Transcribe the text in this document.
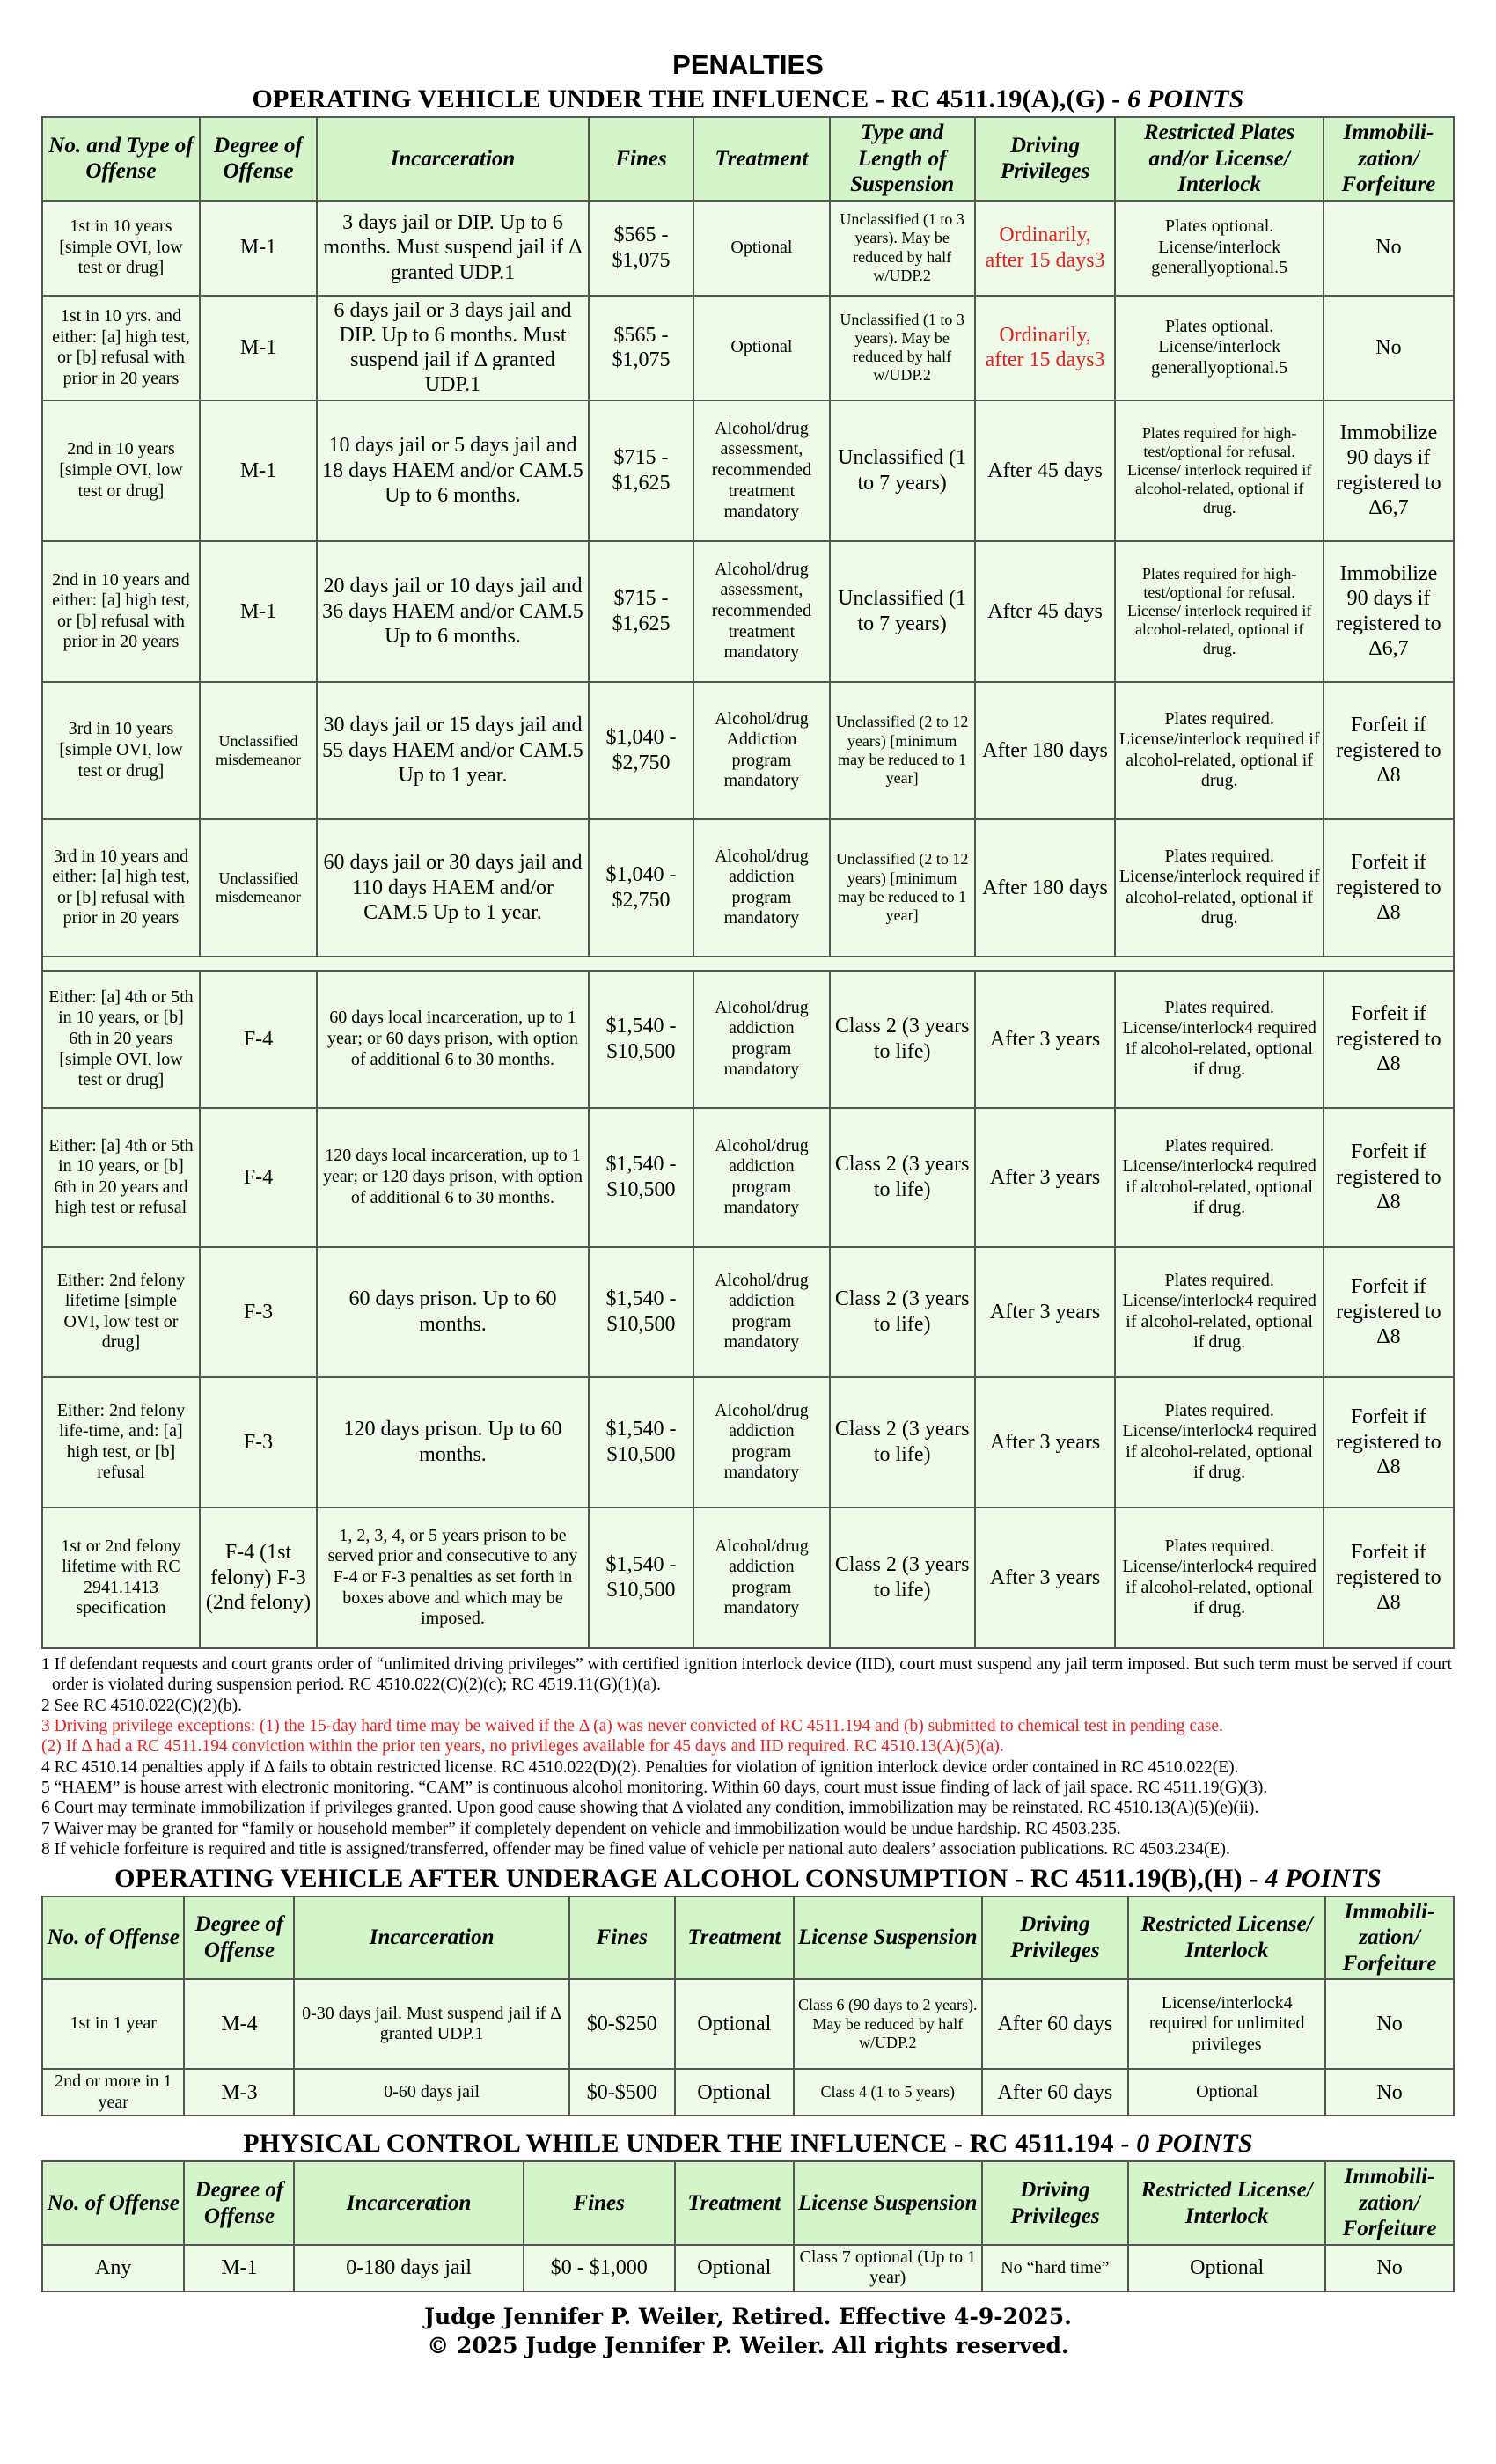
PENALTIES
OPERATING VEHICLE UNDER THE INFLUENCE - RC 4511.19(A),(G) - 6 POINTS
No. and Type of Offense	Degree of Offense	Incarceration	Fines	Treatment	Type and Length of Suspension	Driving Privileges	Restricted Plates and/or License/ Interlock	Immobili-zation/ Forfeiture
1st in 10 years [simple OVI, low test or drug]	M-1	3 days jail or DIP. Up to 6 months. Must suspend jail if Δ granted UDP.1	$565 - $1,075	Optional	Unclassified (1 to 3 years). May be reduced by half w/UDP.2	Ordinarily, after 15 days3	Plates optional. License/interlock generallyoptional.5	No
1st in 10 yrs. and either: [a] high test, or [b] refusal with prior in 20 years	M-1	6 days jail or 3 days jail and DIP. Up to 6 months. Must suspend jail if Δ granted UDP.1	$565 - $1,075	Optional	Unclassified (1 to 3 years). May be reduced by half w/UDP.2	Ordinarily, after 15 days3	Plates optional. License/interlock generallyoptional.5	No
2nd in 10 years [simple OVI, low test or drug]	M-1	10 days jail or 5 days jail and 18 days HAEM and/or CAM.5 Up to 6 months.	$715 - $1,625	Alcohol/drug assessment, recommended treatment mandatory	Unclassified (1 to 7 years)	After 45 days	Plates required for high-test/optional for refusal. License/ interlock required if alcohol-related, optional if drug.	Immobilize 90 days if registered to Δ6,7
2nd in 10 years and either: [a] high test, or [b] refusal with prior in 20 years	M-1	20 days jail or 10 days jail and 36 days HAEM and/or CAM.5 Up to 6 months.	$715 - $1,625	Alcohol/drug assessment, recommended treatment mandatory	Unclassified (1 to 7 years)	After 45 days	Plates required for high-test/optional for refusal. License/ interlock required if alcohol-related, optional if drug.	Immobilize 90 days if registered to Δ6,7
3rd in 10 years [simple OVI, low test or drug]	Unclassified misdemeanor	30 days jail or 15 days jail and 55 days HAEM and/or CAM.5 Up to 1 year.	$1,040 - $2,750	Alcohol/drug Addiction program mandatory	Unclassified (2 to 12 years) [minimum may be reduced to 1 year]	After 180 days	Plates required. License/interlock required if alcohol-related, optional if drug.	Forfeit if registered to Δ8
3rd in 10 years and either: [a] high test, or [b] refusal with prior in 20 years	Unclassified misdemeanor	60 days jail or 30 days jail and 110 days HAEM and/or CAM.5 Up to 1 year.	$1,040 - $2,750	Alcohol/drug addiction program mandatory	Unclassified (2 to 12 years) [minimum may be reduced to 1 year]	After 180 days	Plates required. License/interlock required if alcohol-related, optional if drug.	Forfeit if registered to Δ8

Either: [a] 4th or 5th in 10 years, or [b] 6th in 20 years [simple OVI, low test or drug]	F-4	60 days local incarceration, up to 1 year; or 60 days prison, with option of additional 6 to 30 months.	$1,540 - $10,500	Alcohol/drug addiction program mandatory	Class 2 (3 years to life)	After 3 years	Plates required. License/interlock4 required if alcohol-related, optional if drug.	Forfeit if registered to Δ8
Either: [a] 4th or 5th in 10 years, or [b] 6th in 20 years and high test or refusal	F-4	120 days local incarceration, up to 1 year; or 120 days prison, with option of additional 6 to 30 months.	$1,540 - $10,500	Alcohol/drug addiction program mandatory	Class 2 (3 years to life)	After 3 years	Plates required. License/interlock4 required if alcohol-related, optional if drug.	Forfeit if registered to Δ8
Either: 2nd felony lifetime [simple OVI, low test or drug]	F-3	60 days prison. Up to 60 months.	$1,540 - $10,500	Alcohol/drug addiction program mandatory	Class 2 (3 years to life)	After 3 years	Plates required. License/interlock4 required if alcohol-related, optional if drug.	Forfeit if registered to Δ8
Either: 2nd felony life-time, and: [a] high test, or [b] refusal	F-3	120 days prison. Up to 60 months.	$1,540 - $10,500	Alcohol/drug addiction program mandatory	Class 2 (3 years to life)	After 3 years	Plates required. License/interlock4 required if alcohol-related, optional if drug.	Forfeit if registered to Δ8
1st or 2nd felony lifetime with RC 2941.1413 specification	F-4 (1st felony) F-3 (2nd felony)	1, 2, 3, 4, or 5 years prison to be served prior and consecutive to any F-4 or F-3 penalties as set forth in boxes above and which may be imposed.	$1,540 - $10,500	Alcohol/drug addiction program mandatory	Class 2 (3 years to life)	After 3 years	Plates required. License/interlock4 required if alcohol-related, optional if drug.	Forfeit if registered to Δ8
1 If defendant requests and court grants order of “unlimited driving privileges” with certified ignition interlock device (IID), court must suspend any jail term imposed. But such term must be served if court order is violated during suspension period. RC 4510.022(C)(2)(c); RC 4519.11(G)(1)(a).
2 See RC 4510.022(C)(2)(b).
3 Driving privilege exceptions: (1) the 15-day hard time may be waived if the Δ (a) was never convicted of RC 4511.194 and (b) submitted to chemical test in pending case.
(2) If Δ had a RC 4511.194 conviction within the prior ten years, no privileges available for 45 days and IID required. RC 4510.13(A)(5)(a).
4 RC 4510.14 penalties apply if Δ fails to obtain restricted license. RC 4510.022(D)(2). Penalties for violation of ignition interlock device order contained in RC 4510.022(E).
5 “HAEM” is house arrest with electronic monitoring. “CAM” is continuous alcohol monitoring. Within 60 days, court must issue finding of lack of jail space. RC 4511.19(G)(3).
6 Court may terminate immobilization if privileges granted. Upon good cause showing that Δ violated any condition, immobilization may be reinstated. RC 4510.13(A)(5)(e)(ii).
7 Waiver may be granted for “family or household member” if completely dependent on vehicle and immobilization would be undue hardship. RC 4503.235.
8 If vehicle forfeiture is required and title is assigned/transferred, offender may be fined value of vehicle per national auto dealers’ association publications. RC 4503.234(E).
OPERATING VEHICLE AFTER UNDERAGE ALCOHOL CONSUMPTION - RC 4511.19(B),(H) - 4 POINTS
No. of Offense	Degree of Offense	Incarceration	Fines	Treatment	License Suspension	Driving Privileges	Restricted License/ Interlock	Immobili-zation/ Forfeiture
1st in 1 year	M-4	0-30 days jail. Must suspend jail if Δ granted UDP.1	$0-$250	Optional	Class 6 (90 days to 2 years). May be reduced by half w/UDP.2	After 60 days	License/interlock4 required for unlimited privileges	No
2nd or more in 1 year	M-3	0-60 days jail	$0-$500	Optional	Class 4 (1 to 5 years)	After 60 days	Optional	No
PHYSICAL CONTROL WHILE UNDER THE INFLUENCE - RC 4511.194 - 0 POINTS
No. of Offense	Degree of Offense	Incarceration	Fines	Treatment	License Suspension	Driving Privileges	Restricted License/ Interlock	Immobili-zation/ Forfeiture
Any	M-1	0-180 days jail	$0 - $1,000	Optional	Class 7 optional (Up to 1 year)	No “hard time”	Optional	No
Judge Jennifer P. Weiler, Retired. Effective 4-9-2025.
© 2025 Judge Jennifer P. Weiler. All rights reserved.
